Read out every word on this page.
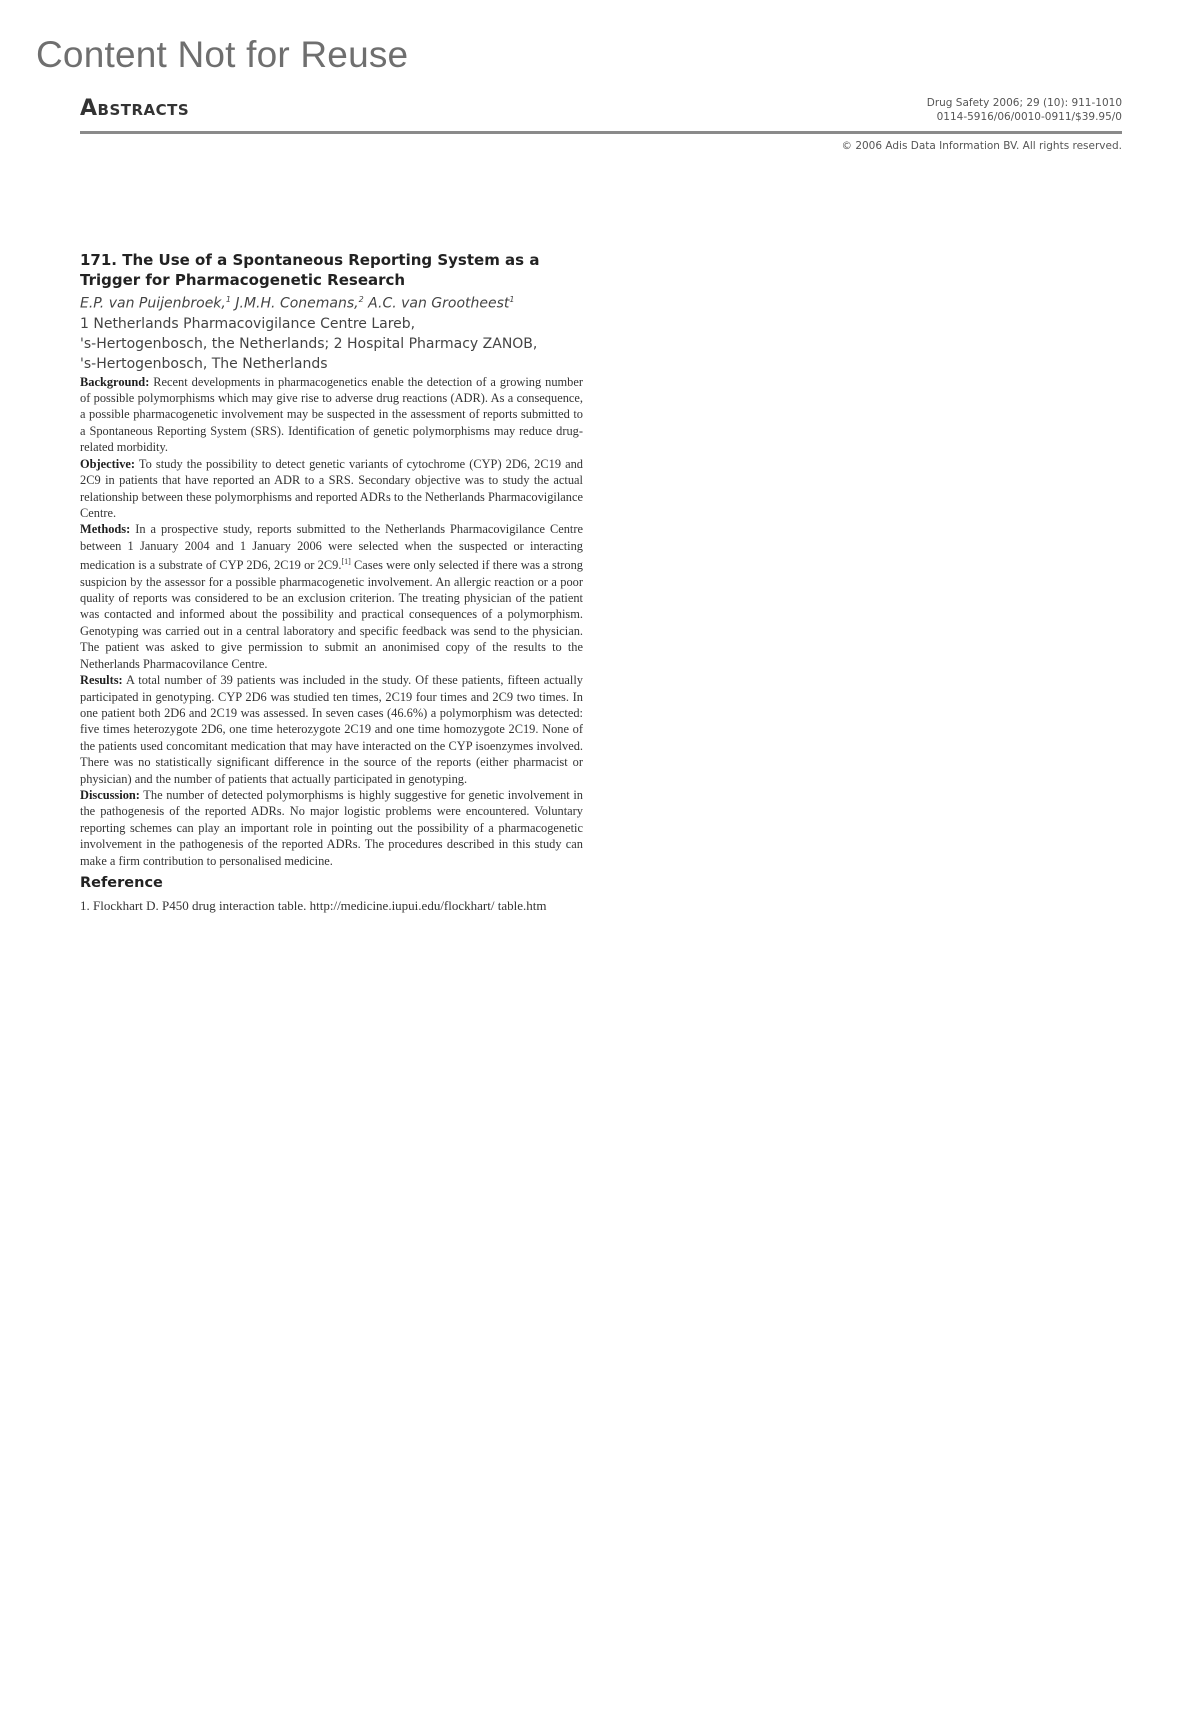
Content Not for Reuse
Abstracts	Drug Safety 2006; 29 (10): 911-1010
0114-5916/06/0010-0911/$39.95/0
© 2006 Adis Data Information BV. All rights reserved.

171. The Use of a Spontaneous Reporting System as a Trigger for Pharmacogenetic Research

E.P. van Puijenbroek,$^1$ J.M.H. Conemans,$^2$ A.C. van Grootheest$^1$

1 Netherlands Pharmacovigilance Centre Lareb,

's-Hertogenbosch, the Netherlands; 2 Hospital Pharmacy ZANOB,

's-Hertogenbosch, The Netherlands

Background: Recent developments in pharmacogenetics enable the detection of a growing number of possible polymorphisms which may give rise to adverse drug reactions (ADR). As a consequence, a possible pharmacogenetic involvement may be suspected in the assessment of reports submitted to a Spontaneous Reporting System (SRS). Identification of genetic polymorphisms may reduce drug-related morbidity.

Objective: To study the possibility to detect genetic variants of cytochrome (CYP) 2D6, 2C19 and 2C9 in patients that have reported an ADR to a SRS. Secondary objective was to study the actual relationship between these polymorphisms and reported ADRs to the Netherlands Pharmacovigilance Centre.

Methods: In a prospective study, reports submitted to the Netherlands Pharmacovigilance Centre between 1 January 2004 and 1 January 2006 were selected when the suspected or interacting medication is a substrate of CYP 2D6, 2C19 or 2C9.[1] Cases were only selected if there was a strong suspicion by the assessor for a possible pharmacogenetic involvement. An allergic reaction or a poor quality of reports was considered to be an exclusion criterion. The treating physician of the patient was contacted and informed about the possibility and practical consequences of a polymorphism. Genotyping was carried out in a central laboratory and specific feedback was send to the physician. The patient was asked to give permission to submit an anonimised copy of the results to the Netherlands Pharmacovilance Centre.

Results: A total number of 39 patients was included in the study. Of these patients, fifteen actually participated in genotyping. CYP 2D6 was studied ten times, 2C19 four times and 2C9 two times. In one patient both 2D6 and 2C19 was assessed. In seven cases (46.6%) a polymorphism was detected: five times heterozygote 2D6, one time heterozygote 2C19 and one time homozygote 2C19. None of the patients used concomitant medication that may have interacted on the CYP isoenzymes involved. There was no statistically significant difference in the source of the reports (either pharmacist or physician) and the number of patients that actually participated in genotyping.

Discussion: The number of detected polymorphisms is highly suggestive for genetic involvement in the pathogenesis of the reported ADRs. No major logistic problems were encountered. Voluntary reporting schemes can play an important role in pointing out the possibility of a pharmacogenetic involvement in the pathogenesis of the reported ADRs. The procedures described in this study can make a firm contribution to personalised medicine.

Reference

1. Flockhart D. P450 drug interaction table. http://medicine.iupui.edu/flockhart/ table.htm
